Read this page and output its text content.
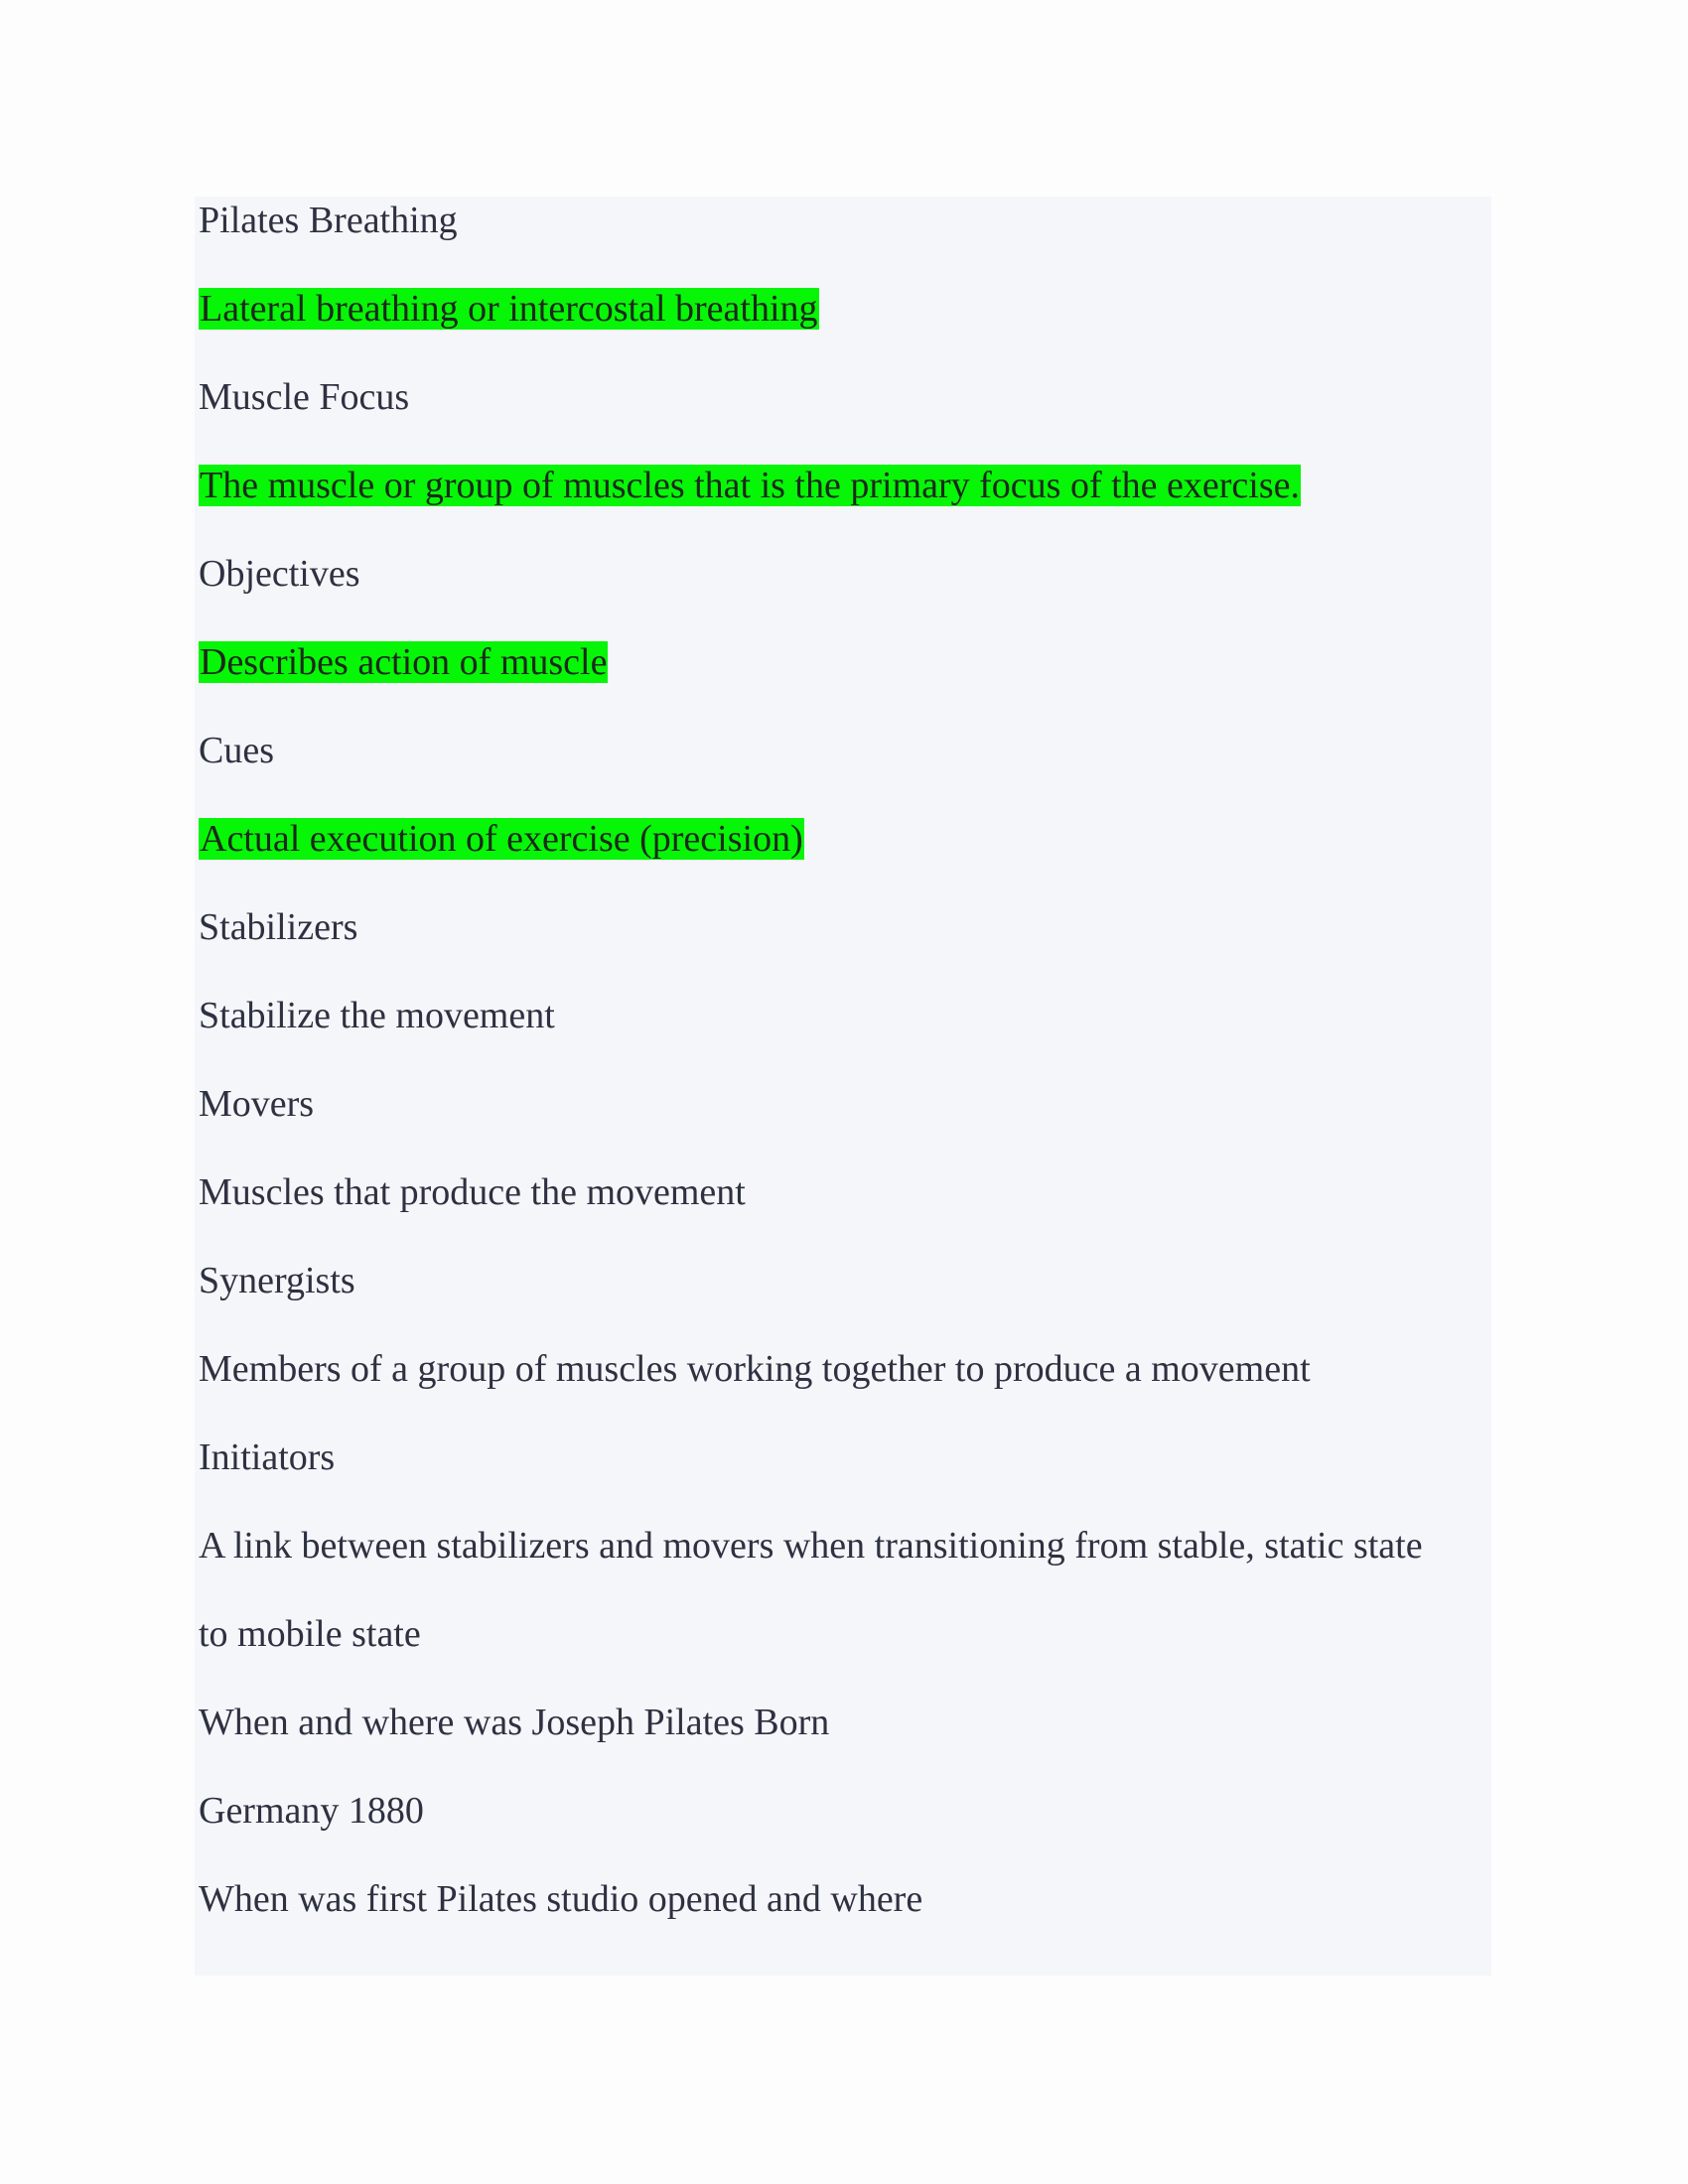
Pilates Breathing
Lateral breathing or intercostal breathing
Muscle Focus
The muscle or group of muscles that is the primary focus of the exercise.
Objectives
Describes action of muscle
Cues
Actual execution of exercise (precision)
Stabilizers
Stabilize the movement
Movers
Muscles that produce the movement
Synergists
Members of a group of muscles working together to produce a movement
Initiators
A link between stabilizers and movers when transitioning from stable, static state
to mobile state
When and where was Joseph Pilates Born
Germany 1880
When was first Pilates studio opened and where
